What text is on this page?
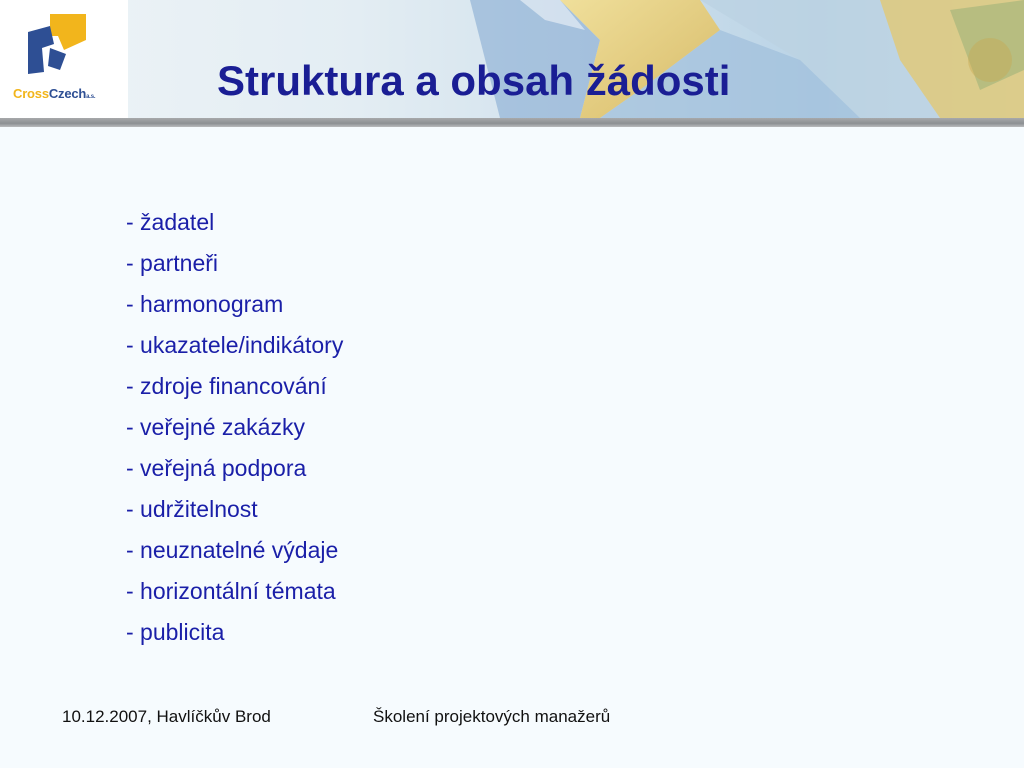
CrossCzecha.s.	Struktura a obsah žádosti
- žadatel
- partneři
- harmonogram
- ukazatele/indikátory
- zdroje financování
- veřejné zakázky
- veřejná podpora
- udržitelnost
- neuznatelné výdaje
- horizontální témata
- publicita
10.12.2007, Havlíčkův Brod	Školení projektových manažerů
